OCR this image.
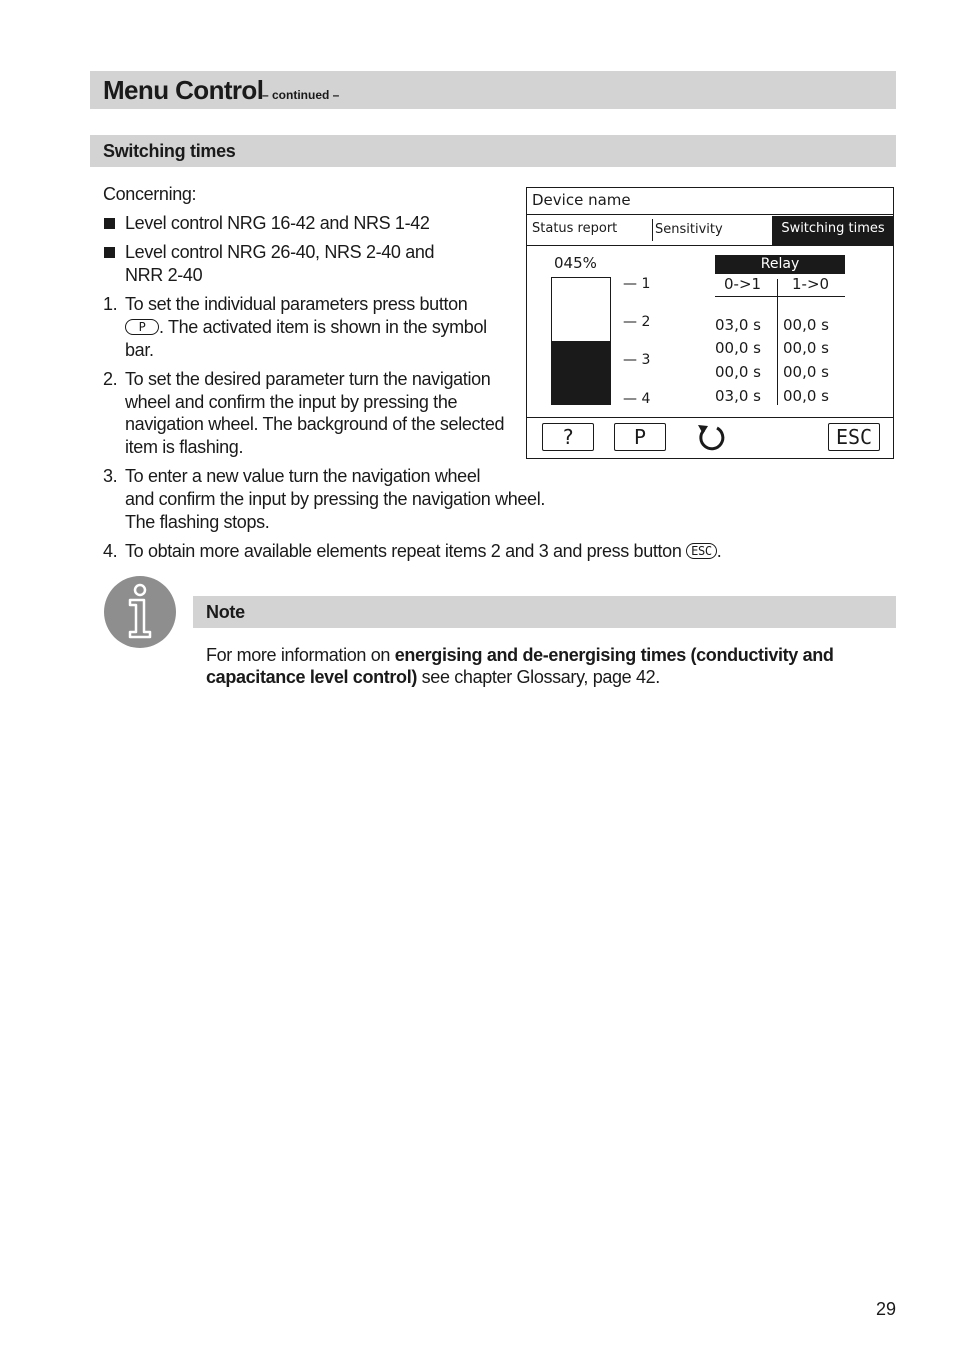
Menu Control
– continued –
Switching times
Concerning:
Level control NRG 16-42 and NRS 1-42
Level control NRG 26-40, NRS 2-40 and
NRR 2-40
1. To set the individual parameters press button
P . The activated item is shown in the symbol
bar.
2. To set the desired parameter turn the navigation
wheel and confirm the input by pressing the
navigation wheel. The background of the selected
item is flashing.
3. To enter a new value turn the navigation wheel
and confirm the input by pressing the navigation wheel.
The flashing stops.
4. To obtain more available elements repeat items 2 and 3 and press button ESC .
Device name
Status report	Sensitivity	Switching times
045%
— 1
— 2
— 3
— 4
Relay
0->1 1->0
03,0 s 00,0 s
00,0 s 00,0 s
00,0 s 00,0 s
03,0 s 00,0 s
?	P	ESC
Note
For more information on energising and de-energising times (conductivity and
capacitance level control) see chapter Glossary, page 42.
29
